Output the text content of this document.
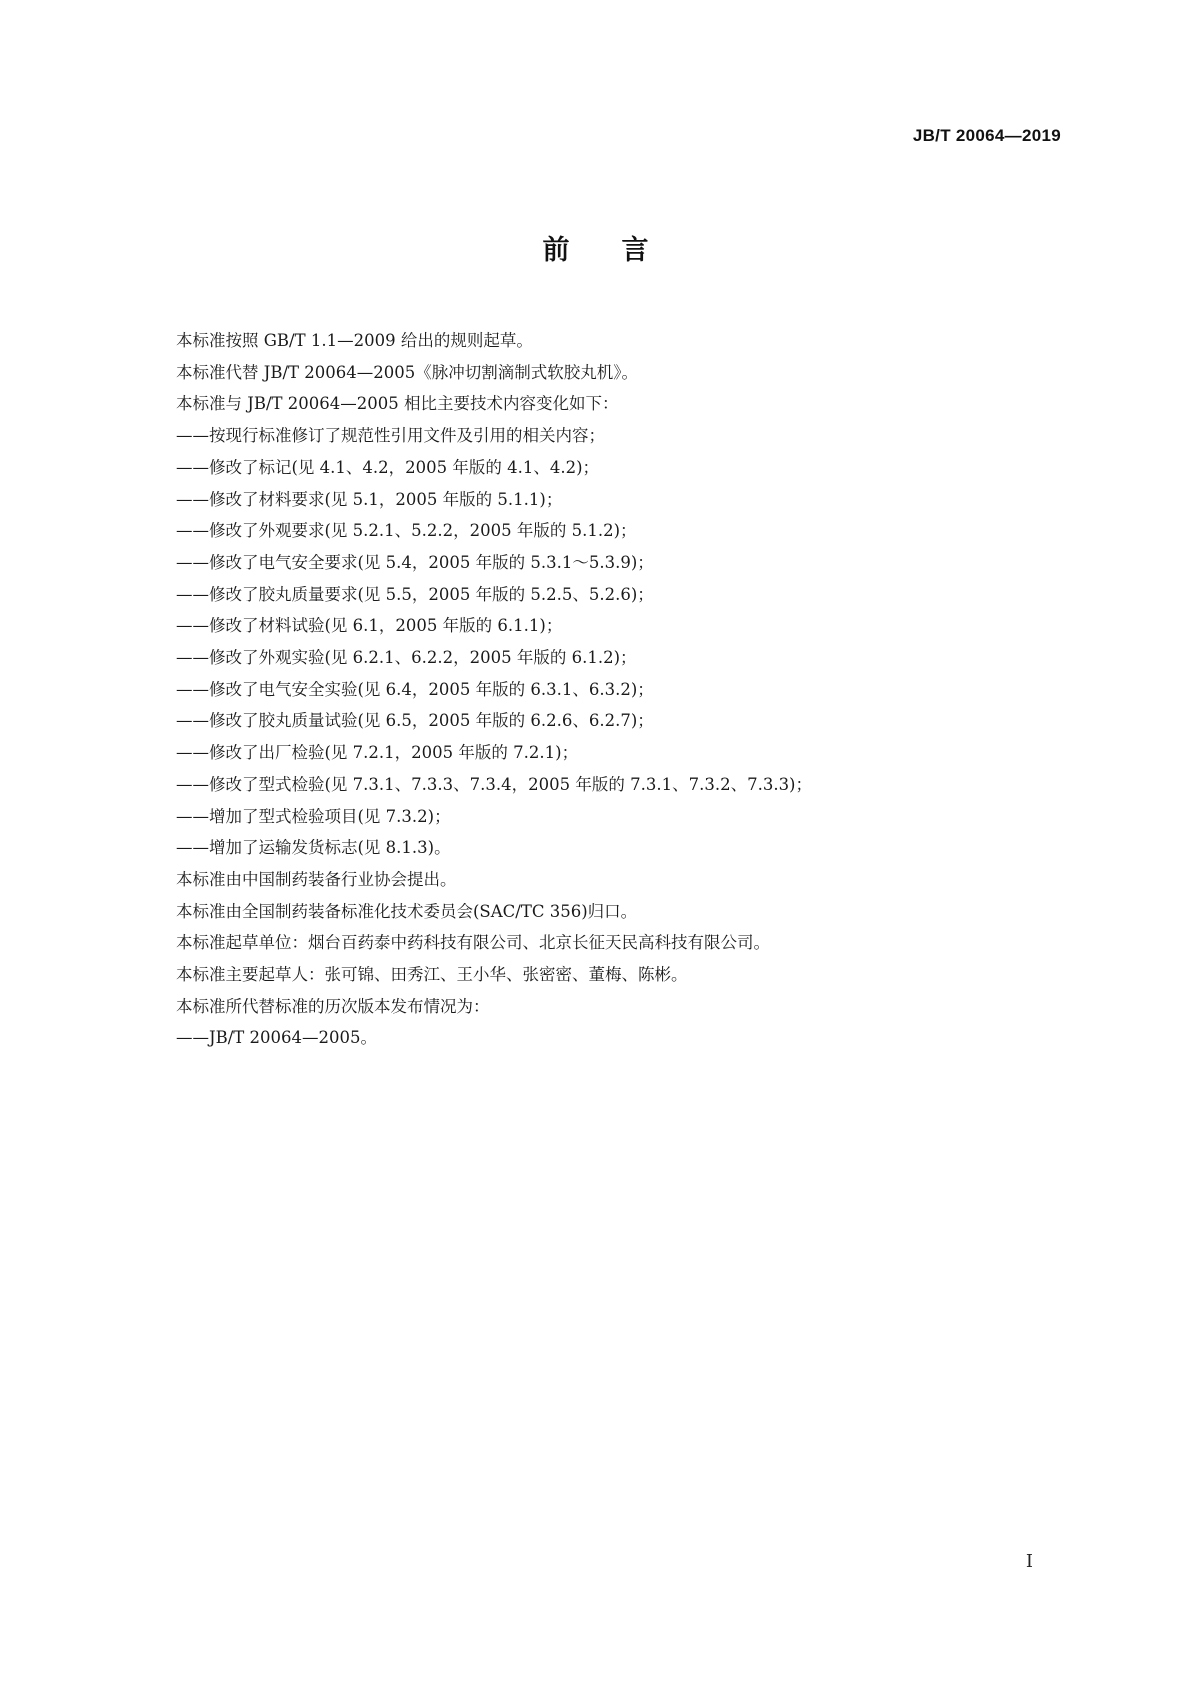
JB/T 20064—2019
前言

本标准按照 GB/T 1.1—2009 给出的规则起草。

本标准代替 JB/T 20064—2005《脉冲切割滴制式软胶丸机》。

本标准与 JB/T 20064—2005 相比主要技术内容变化如下：

——按现行标准修订了规范性引用文件及引用的相关内容；

——修改了标记(见 4.1、4.2，2005 年版的 4.1、4.2)；

——修改了材料要求(见 5.1，2005 年版的 5.1.1)；

——修改了外观要求(见 5.2.1、5.2.2，2005 年版的 5.1.2)；

——修改了电气安全要求(见 5.4，2005 年版的 5.3.1～5.3.9)；

——修改了胶丸质量要求(见 5.5，2005 年版的 5.2.5、5.2.6)；

——修改了材料试验(见 6.1，2005 年版的 6.1.1)；

——修改了外观实验(见 6.2.1、6.2.2，2005 年版的 6.1.2)；

——修改了电气安全实验(见 6.4，2005 年版的 6.3.1、6.3.2)；

——修改了胶丸质量试验(见 6.5，2005 年版的 6.2.6、6.2.7)；

——修改了出厂检验(见 7.2.1，2005 年版的 7.2.1)；

——修改了型式检验(见 7.3.1、7.3.3、7.3.4，2005 年版的 7.3.1、7.3.2、7.3.3)；

——增加了型式检验项目(见 7.3.2)；

——增加了运输发货标志(见 8.1.3)。

本标准由中国制药装备行业协会提出。

本标准由全国制药装备标准化技术委员会(SAC/TC 356)归口。

本标准起草单位：烟台百药泰中药科技有限公司、北京长征天民高科技有限公司。

本标准主要起草人：张可锦、田秀江、王小华、张密密、董梅、陈彬。

本标准所代替标准的历次版本发布情况为：

——JB/T 20064—2005。

I
